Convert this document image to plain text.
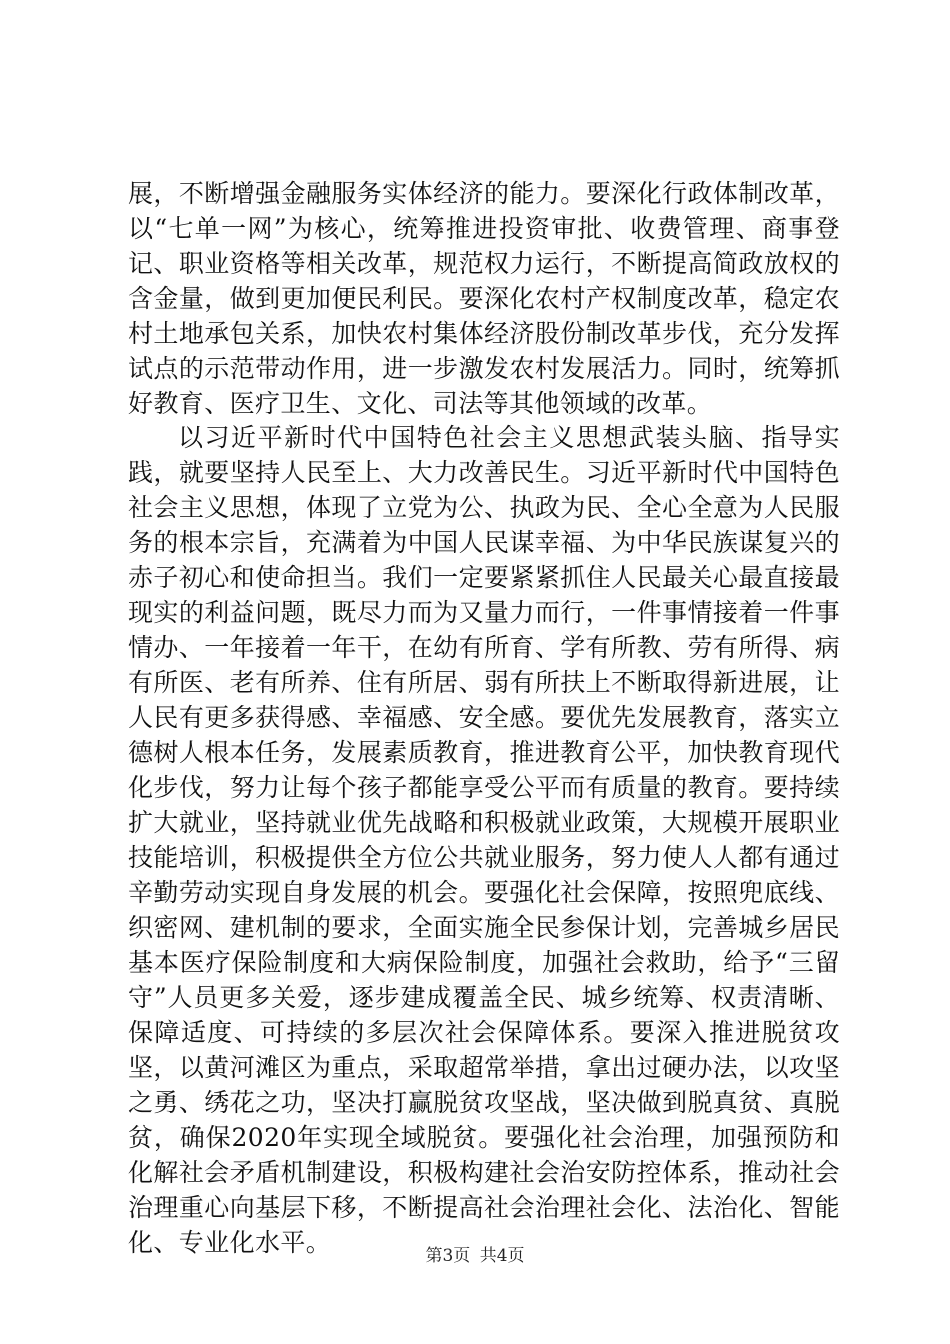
展，不断增强金融服务实体经济的能力。要深化行政体制改革，以“七单一网”为核心，统筹推进投资审批、收费管理、商事登记、职业资格等相关改革，规范权力运行，不断提高简政放权的含金量，做到更加便民利民。要深化农村产权制度改革，稳定农村土地承包关系，加快农村集体经济股份制改革步伐，充分发挥试点的示范带动作用，进一步激发农村发展活力。同时，统筹抓好教育、医疗卫生、文化、司法等其他领域的改革。

以习近平新时代中国特色社会主义思想武装头脑、指导实践，就要坚持人民至上、大力改善民生。习近平新时代中国特色社会主义思想，体现了立党为公、执政为民、全心全意为人民服务的根本宗旨，充满着为中国人民谋幸福、为中华民族谋复兴的赤子初心和使命担当。我们一定要紧紧抓住人民最关心最直接最现实的利益问题，既尽力而为又量力而行，一件事情接着一件事情办、一年接着一年干，在幼有所育、学有所教、劳有所得、病有所医、老有所养、住有所居、弱有所扶上不断取得新进展，让人民有更多获得感、幸福感、安全感。要优先发展教育，落实立德树人根本任务，发展素质教育，推进教育公平，加快教育现代化步伐，努力让每个孩子都能享受公平而有质量的教育。要持续扩大就业，坚持就业优先战略和积极就业政策，大规模开展职业技能培训，积极提供全方位公共就业服务，努力使人人都有通过辛勤劳动实现自身发展的机会。要强化社会保障，按照兜底线、织密网、建机制的要求，全面实施全民参保计划，完善城乡居民基本医疗保险制度和大病保险制度，加强社会救助，给予“三留守”人员更多关爱，逐步建成覆盖全民、城乡统筹、权责清晰、保障适度、可持续的多层次社会保障体系。要深入推进脱贫攻坚，以黄河滩区为重点，采取超常举措，拿出过硬办法，以攻坚之勇、绣花之功，坚决打赢脱贫攻坚战，坚决做到脱真贫、真脱贫，确保2020年实现全域脱贫。要强化社会治理，加强预防和化解社会矛盾机制建设，积极构建社会治安防控体系，推动社会治理重心向基层下移，不断提高社会治理社会化、法治化、智能化、专业化水平。	第3页 共4页
